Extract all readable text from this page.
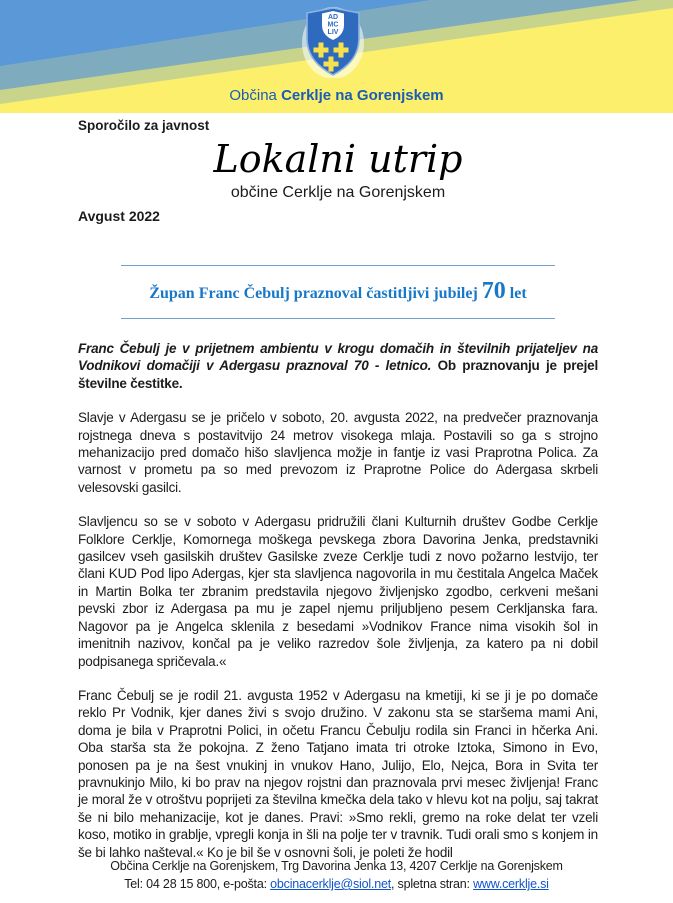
AD
MC
LIV
Občina Cerklje na Gorenjskem
Sporočilo za javnost
Lokalni utrip
občine Cerklje na Gorenjskem
Avgust 2022
Župan Franc Čebulj praznoval častitljivi jubilej 70 let
Franc Čebulj je v prijetnem ambientu v krogu domačih in številnih prijateljev na Vodnikovi domačiji v Adergasu praznoval 70 - letnico. Ob praznovanju je prejel številne čestitke.
Slavje v Adergasu se je pričelo v soboto, 20. avgusta 2022, na predvečer praznovanja rojstnega dneva s postavitvijo 24 metrov visokega mlaja. Postavili so ga s strojno mehanizacijo pred domačo hišo slavljenca možje in fantje iz vasi Praprotna Polica. Za varnost v prometu pa so med prevozom iz Praprotne Police do Adergasa skrbeli velesovski gasilci.
Slavljencu so se v soboto v Adergasu pridružili člani Kulturnih društev Godbe Cerklje Folklore Cerklje, Komornega moškega pevskega zbora Davorina Jenka, predstavniki gasilcev vseh gasilskih društev Gasilske zveze Cerklje tudi z novo požarno lestvijo, ter člani KUD Pod lipo Adergas, kjer sta slavljenca nagovorila in mu čestitala Angelca Maček in Martin Bolka ter zbranim predstavila njegovo življenjsko zgodbo, cerkveni mešani pevski zbor iz Adergasa pa mu je zapel njemu priljubljeno pesem Cerkljanska fara. Nagovor pa je Angelca sklenila z besedami »Vodnikov France nima visokih šol in imenitnih nazivov, končal pa je veliko razredov šole življenja, za katero pa ni dobil podpisanega spričevala.«
Franc Čebulj se je rodil 21. avgusta 1952 v Adergasu na kmetiji, ki se ji je po domače reklo Pr Vodnik, kjer danes živi s svojo družino. V zakonu sta se staršema mami Ani, doma je bila v Praprotni Polici, in očetu Francu Čebulju rodila sin Franci in hčerka Ani. Oba starša sta že pokojna. Z ženo Tatjano imata tri otroke Iztoka, Simono in Evo, ponosen pa je na šest vnukinj in vnukov Hano, Julijo, Elo, Nejca, Bora in Svita ter pravnukinjo Milo, ki bo prav na njegov rojstni dan praznovala prvi mesec življenja! Franc je moral že v otroštvu poprijeti za številna kmečka dela tako v hlevu kot na polju, saj takrat še ni bilo mehanizacije, kot je danes. Pravi: »Smo rekli, gremo na roke delat ter vzeli koso, motiko in grablje, vpregli konja in šli na polje ter v travnik. Tudi orali smo s konjem in še bi lahko našteval.« Ko je bil še v osnovni šoli, je poleti že hodil
Občina Cerklje na Gorenjskem, Trg Davorina Jenka 13, 4207 Cerklje na Gorenjskem
Tel: 04 28 15 800, e-pošta: obcinacerklje@siol.net, spletna stran: www.cerklje.si
